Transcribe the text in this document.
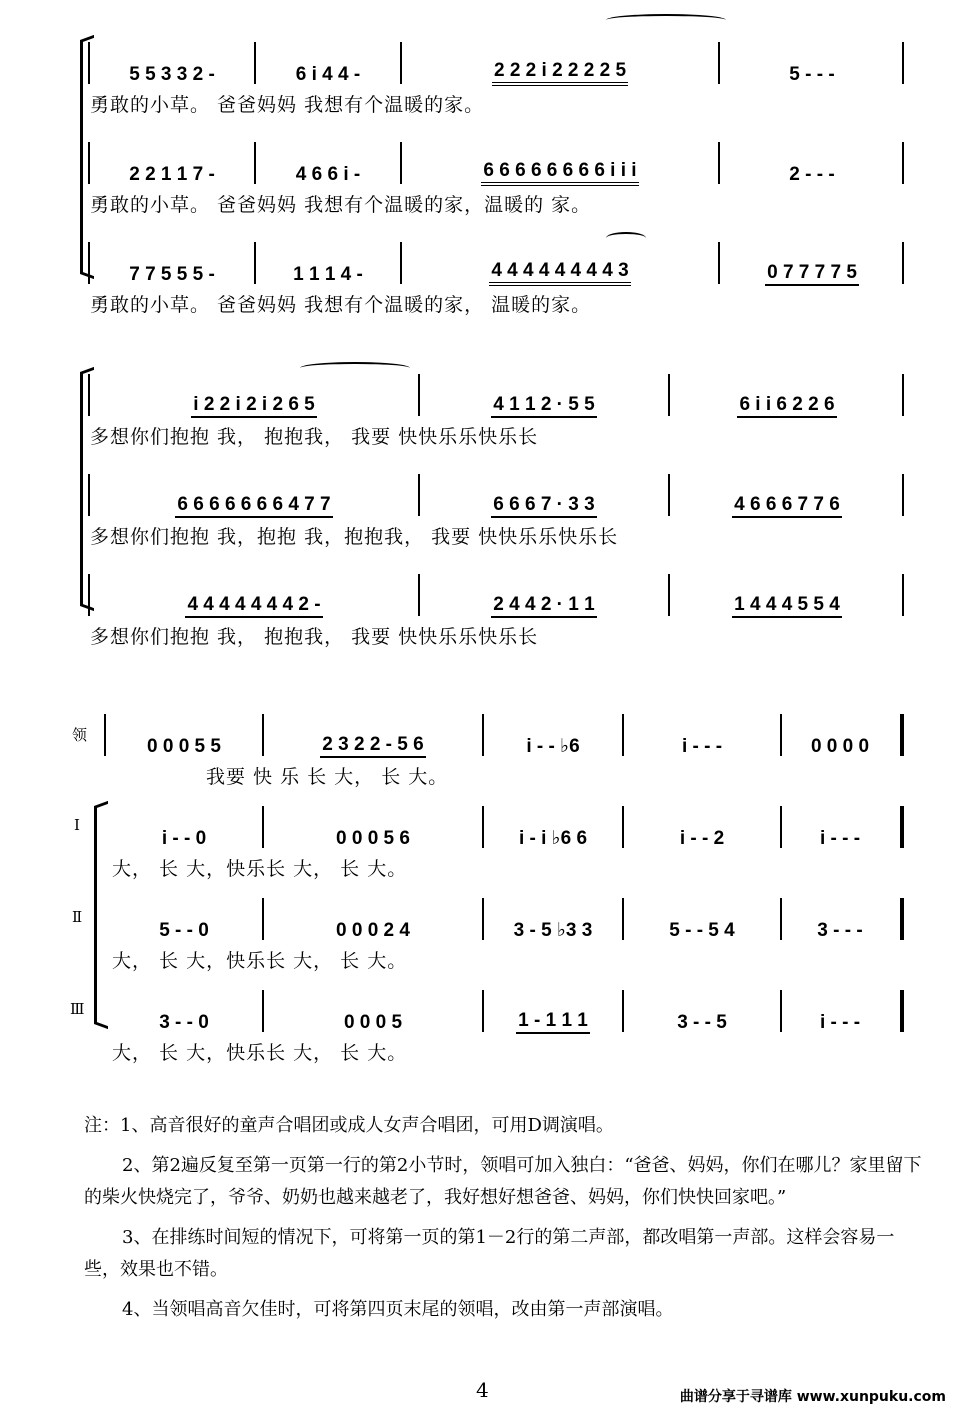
5 5 3 3 2 -	6 i 4 4 -	2 2 2 i 2 2 2 2 5	5 - - -
勇敢的小草。 爸爸妈妈 我想有个温暖的家。
2 2 1 1 7 -	4 6 6 i -	6 6 6 6 6 6 6 6 i i i	2 - - -
勇敢的小草。 爸爸妈妈 我想有个温暖的家，温暖的 家。
7 7 5 5 5 -	1 1 1 4 -	4 4 4 4 4 4 4 4 3	0 7 7 7 7 5
勇敢的小草。 爸爸妈妈 我想有个温暖的家， 温暖的家。
i 2 2 i 2 i 2 6 5	4 1 1 2 · 5 5	6 i i 6 2 2 6
多想你们抱抱 我， 抱抱我， 我要 快快乐乐快乐长
6 6 6 6 6 6 6 4 7 7	6 6 6 7 · 3 3	4 6 6 6 7 7 6
多想你们抱抱 我，抱抱 我，抱抱我， 我要 快快乐乐快乐长
4 4 4 4 4 4 4 2 -	2 4 4 2 · 1 1	1 4 4 4 5 5 4
多想你们抱抱 我， 抱抱我， 我要 快快乐乐快乐长
领
Ⅰ
Ⅱ
Ⅲ
0 0 0 5 5	2 3 2 2 - 5 6	i - - ♭6	i - - -	0 0 0 0
我要 快 乐 长 大， 长 大。
i - - 0	0 0 0 5 6	i - i ♭6 6	i - - 2	i - - -
大， 长 大，快乐长 大， 长 大。
5 - - 0	0 0 0 2 4	3 - 5 ♭3 3	5 - - 5 4	3 - - -
大， 长 大，快乐长 大， 长 大。
3 - - 0	0 0 0 5	1 - 1 1 1	3 - - 5	i - - -
大， 长 大，快乐长 大， 长 大。

注：1、高音很好的童声合唱团或成人女声合唱团，可用D调演唱。

2、第2遍反复至第一页第一行的第2小节时，领唱可加入独白：“爸爸、妈妈，你们在哪儿？家里留下的柴火快烧完了，爷爷、奶奶也越来越老了，我好想好想爸爸、妈妈，你们快快回家吧。”

3、在排练时间短的情况下，可将第一页的第1－2行的第二声部，都改唱第一声部。这样会容易一些，效果也不错。

4、当领唱高音欠佳时，可将第四页末尾的领唱，改由第一声部演唱。

4	曲谱分享于寻谱库 www.xunpuku.com
